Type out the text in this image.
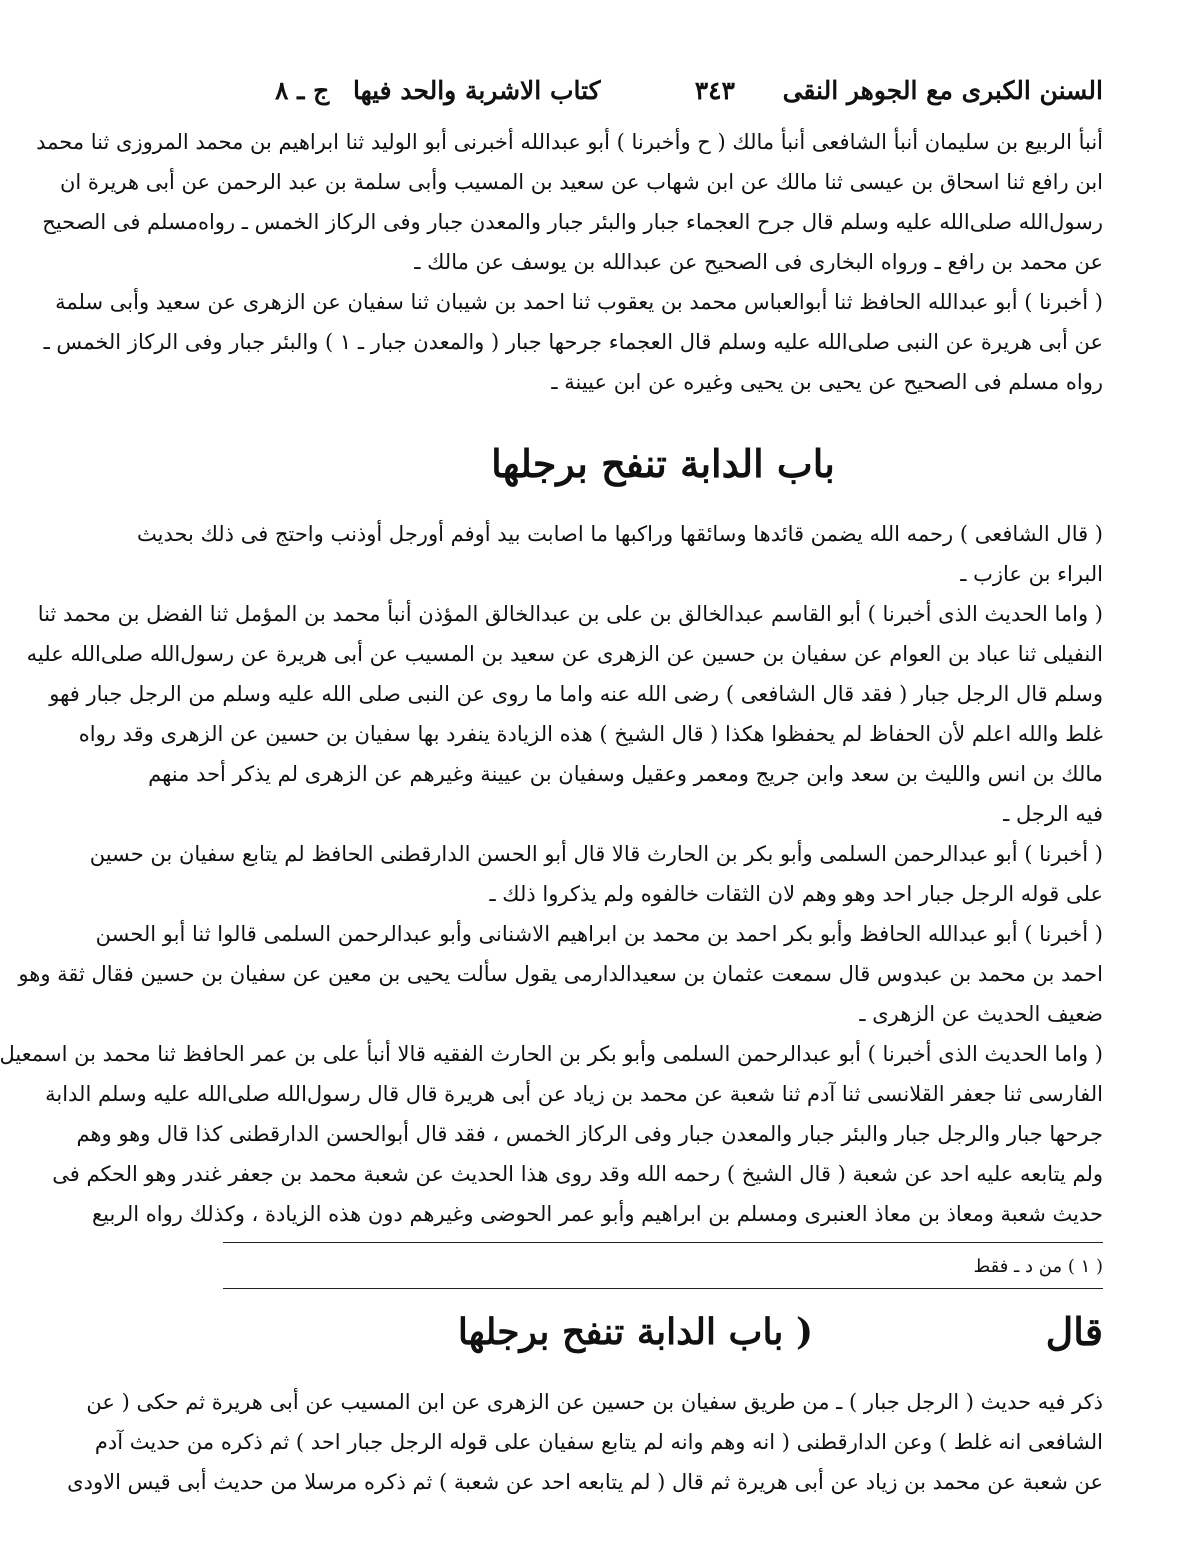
السنن الكبرى مع الجوهر النقى
٣٤٣
كتاب الاشربة والحد فيها
ج ـ ٨
أنبأ الربيع بن سليمان أنبأ الشافعى أنبأ مالك ( ح وأخبرنا ) أبو عبدالله أخبرنى أبو الوليد ثنا ابراهيم بن محمد المروزى ثنا محمد
ابن رافع ثنا اسحاق بن عيسى ثنا مالك عن ابن شهاب عن سعيد بن المسيب وأبى سلمة بن عبد الرحمن عن أبى هريرة ان
رسول‌الله صلى‌الله عليه وسلم قال جرح العجماء جبار والبئر جبار والمعدن جبار وفى الركاز الخمس ـ رواه‌مسلم فى الصحيح
عن محمد بن رافع ـ ورواه البخارى فى الصحيح عن عبدالله بن يوسف عن مالك ـ
( أخبرنا ) أبو عبدالله الحافظ ثنا أبوالعباس محمد بن يعقوب ثنا احمد بن شيبان ثنا سفيان عن الزهرى عن سعيد وأبى سلمة
عن أبى هريرة عن النبى صلى‌الله عليه وسلم قال العجماء جرحها جبار ( والمعدن جبار ـ ١ ) والبئر جبار وفى الركاز الخمس ـ
رواه مسلم فى الصحيح عن يحيى بن يحيى وغيره عن ابن عيينة ـ
باب الدابة تنفح برجلها
( قال الشافعى ) رحمه الله يضمن قائدها وسائقها وراكبها ما اصابت بيد أوفم أورجل أوذنب واحتج فى ذلك بحديث
البراء بن عازب ـ
( واما الحديث الذى أخبرنا ) أبو القاسم عبدالخالق بن على بن عبدالخالق المؤذن أنبأ محمد بن المؤمل ثنا الفضل بن محمد ثنا
النفيلى ثنا عباد بن العوام عن سفيان بن حسين عن الزهرى عن سعيد بن المسيب عن أبى هريرة عن رسول‌الله صلى‌الله عليه
وسلم قال الرجل جبار ( فقد قال الشافعى ) رضى الله عنه واما ما روى عن النبى صلى الله عليه وسلم من الرجل جبار فهو
غلط والله اعلم لأن الحفاظ لم يحفظوا هكذا ( قال الشيخ ) هذه الزيادة ينفرد بها سفيان بن حسين عن الزهرى وقد رواه
مالك بن انس والليث بن سعد وابن جريج ومعمر وعقيل وسفيان بن عيينة وغيرهم عن الزهرى لم يذكر أحد منهم
فيه الرجل ـ
( أخبرنا ) أبو عبدالرحمن السلمى وأبو بكر بن الحارث قالا قال أبو الحسن الدارقطنى الحافظ لم يتابع سفيان بن حسين
على قوله الرجل جبار احد وهو وهم لان الثقات خالفوه ولم يذكروا ذلك ـ
( أخبرنا ) أبو عبدالله الحافظ وأبو بكر احمد بن محمد بن ابراهيم الاشنانى وأبو عبدالرحمن السلمى قالوا ثنا أبو الحسن
احمد بن محمد بن عبدوس قال سمعت عثمان بن سعيدالدارمى يقول سألت يحيى بن معين عن سفيان بن حسين فقال ثقة وهو
ضعيف الحديث عن الزهرى ـ
( واما الحديث الذى أخبرنا ) أبو عبدالرحمن السلمى وأبو بكر بن الحارث الفقيه قالا أنبأ على بن عمر الحافظ ثنا محمد بن اسمعيل
الفارسى ثنا جعفر القلانسى ثنا آدم ثنا شعبة عن محمد بن زياد عن أبى هريرة قال قال رسول‌الله صلى‌الله عليه وسلم الدابة
جرحها جبار والرجل جبار والبئر جبار والمعدن جبار وفى الركاز الخمس ، فقد قال أبوالحسن الدارقطنى كذا قال وهو وهم
ولم يتابعه عليه احد عن شعبة ( قال الشيخ ) رحمه الله وقد روى هذا الحديث عن شعبة محمد بن جعفر غندر وهو الحكم فى
حديث شعبة ومعاذ بن معاذ العنبرى ومسلم بن ابراهيم وأبو عمر الحوضى وغيرهم دون هذه الزيادة ، وكذلك رواه الربيع
( ١ ) من د ـ فقط
قال
( باب الدابة تنفح برجلها
ذكر فيه حديث ( الرجل جبار ) ـ من طريق سفيان بن حسين عن الزهرى عن ابن المسيب عن أبى هريرة ثم حكى ( عن
الشافعى انه غلط ) وعن الدارقطنى ( انه وهم وانه لم يتابع سفيان على قوله الرجل جبار احد ) ثم ذكره من حديث آدم
عن شعبة عن محمد بن زياد عن أبى هريرة ثم قال ( لم يتابعه احد عن شعبة ) ثم ذكره مرسلا من حديث أبى قيس الاودى
